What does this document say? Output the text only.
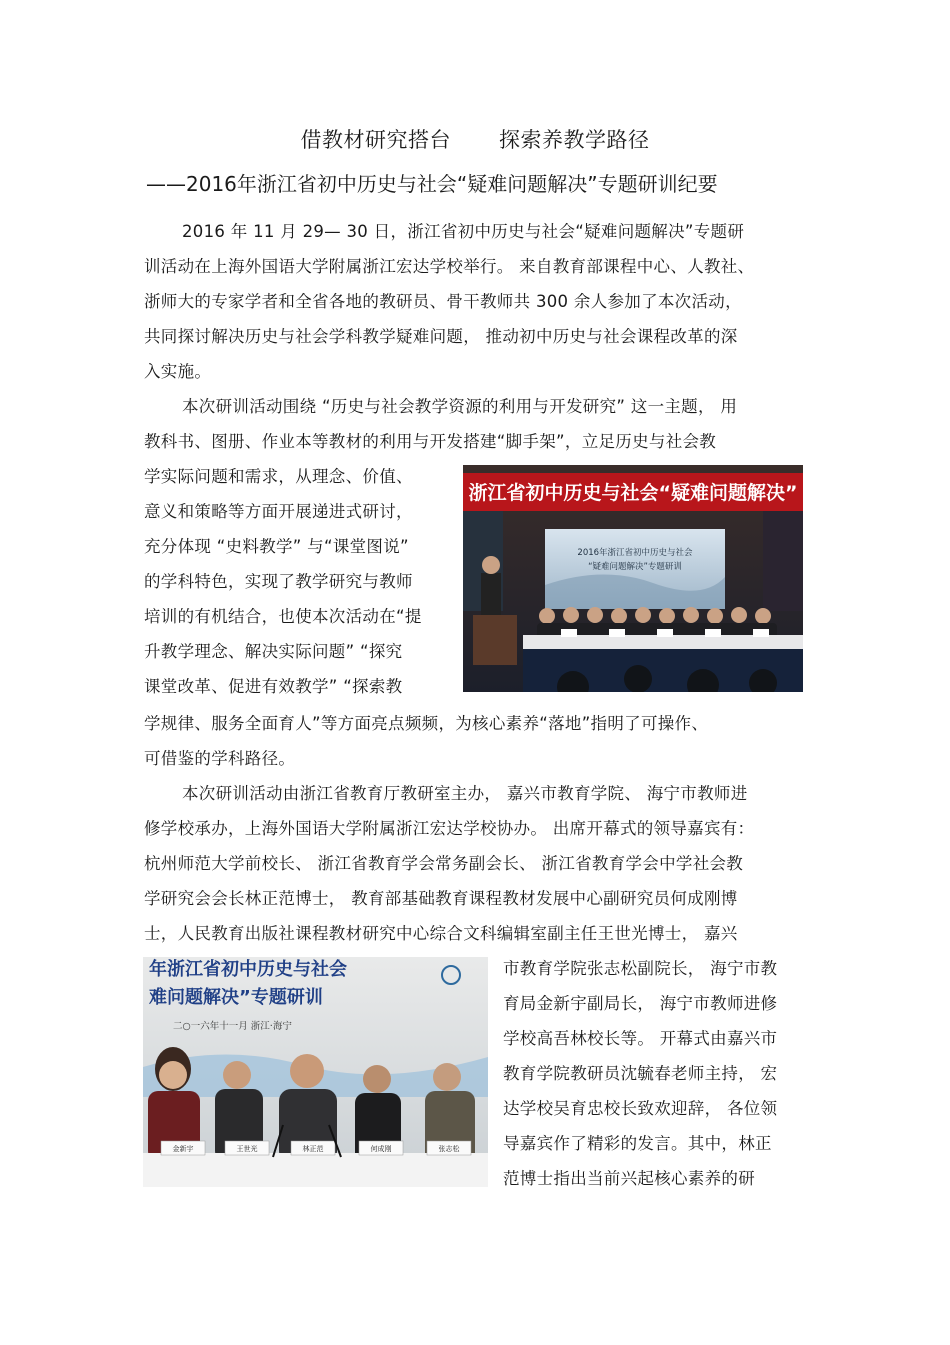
借教材研究搭台 探索养教学路径
——2016年浙江省初中历史与社会“疑难问题解决”专题研训纪要
2016 年 11 月 29— 30 日，浙江省初中历史与社会“疑难问题解决”专题研
训活动在上海外国语大学附属浙江宏达学校举行。 来自教育部课程中心、人教社、
浙师大的专家学者和全省各地的教研员、骨干教师共 300 余人参加了本次活动，
共同探讨解决历史与社会学科教学疑难问题， 推动初中历史与社会课程改革的深
入实施。
本次研训活动围绕 “历史与社会教学资源的利用与开发研究” 这一主题， 用
教科书、图册、作业本等教材的利用与开发搭建“脚手架”，立足历史与社会教
学实际问题和需求，从理念、价值、
意义和策略等方面开展递进式研讨，
充分体现 “史料教学” 与“课堂图说”
的学科特色，实现了教学研究与教师
培训的有机结合，也使本次活动在“提
升教学理念、解决实际问题” “探究
课堂改革、促进有效教学” “探索教
学规律、服务全面育人”等方面亮点频频，为核心素养“落地”指明了可操作、
可借鉴的学科路径。
本次研训活动由浙江省教育厅教研室主办， 嘉兴市教育学院、 海宁市教师进
修学校承办，上海外国语大学附属浙江宏达学校协办。 出席开幕式的领导嘉宾有：
杭州师范大学前校长、 浙江省教育学会常务副会长、 浙江省教育学会中学社会教
学研究会会长林正范博士， 教育部基础教育课程教材发展中心副研究员何成刚博
士，人民教育出版社课程教材研究中心综合文科编辑室副主任王世光博士， 嘉兴
市教育学院张志松副院长， 海宁市教
育局金新宇副局长， 海宁市教师进修
学校高吾林校长等。 开幕式由嘉兴市
教育学院教研员沈毓春老师主持， 宏
达学校吴育忠校长致欢迎辞， 各位领
导嘉宾作了精彩的发言。其中，林正
范博士指出当前兴起核心素养的研
浙江省初中历史与社会“疑难问题解决”
2016年浙江省初中历史与社会
“疑难问题解决”专题研训
年浙江省初中历史与社会
难问题解决”专题研训
二○一六年十一月 浙江·海宁
金新宇	王世光	林正范	何成刚	张志松
